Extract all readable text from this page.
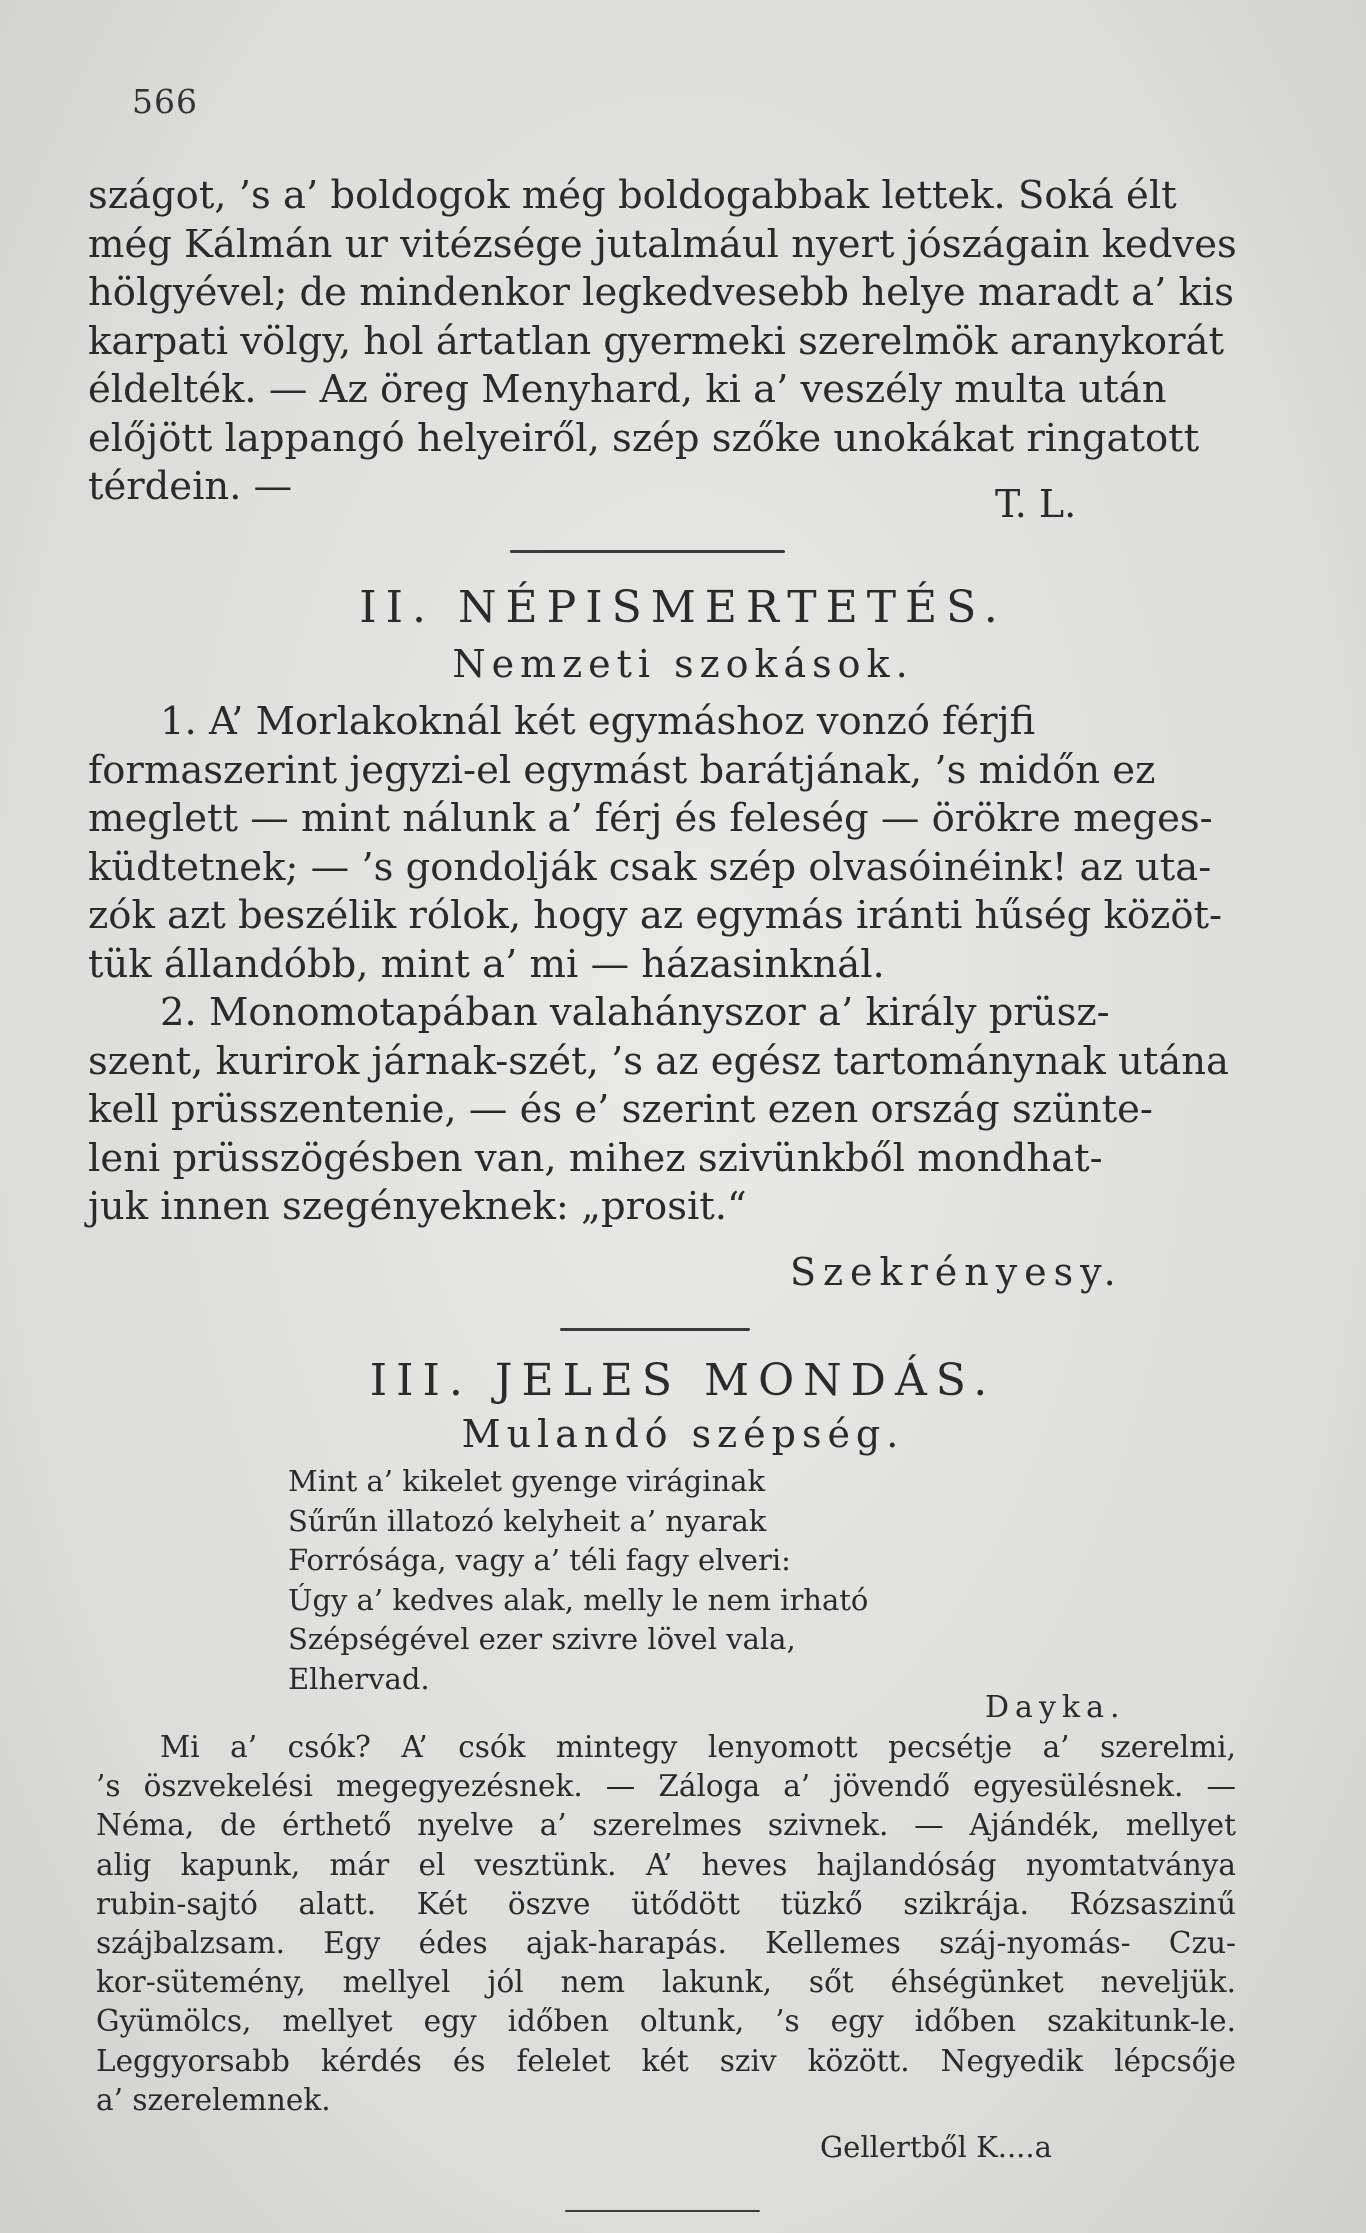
566
szágot, ’s a’ boldogok még boldogabbak lettek. Soká élt
még Kálmán ur vitézsége jutalmául nyert jószágain kedves
hölgyével; de mindenkor legkedvesebb helye maradt a’ kis
karpati völgy, hol ártatlan gyermeki szerelmök aranykorát
éldelték. — Az öreg Menyhard, ki a’ veszély multa után
előjött lappangó helyeiről, szép szőke unokákat ringatott
térdein. —	T. L.
II. NÉPISMERTETÉS.
Nemzeti szokások.
1. A’ Morlakoknál két egymáshoz vonzó férjfi
formaszerint jegyzi-el egymást barátjának, ’s midőn ez
meglett — mint nálunk a’ férj és feleség — örökre meges-
küdtetnek; — ’s gondolják csak szép olvasóinéink! az uta-
zók azt beszélik rólok, hogy az egymás iránti hűség közöt-
tük állandóbb, mint a’ mi — házasinknál.
2. Monomotapában valahányszor a’ király prüsz-
szent, kurirok járnak-szét, ’s az egész tartománynak utána
kell prüsszentenie, — és e’ szerint ezen ország szünte-
leni prüsszögésben van, mihez szivünkből mondhat-
juk innen szegényeknek: „prosit.“
Szekrényesy.
III. JELES MONDÁS.
Mulandó szépség.
Mint a’ kikelet gyenge viráginak
Sűrűn illatozó kelyheit a’ nyarak
Forrósága, vagy a’ téli fagy elveri:
Úgy a’ kedves alak, melly le nem irható
Szépségével ezer szivre lövel vala,
Elhervad.
Dayka.
Mi a’ csók? A’ csók mintegy lenyomott pecsétje a’ szerelmi,
’s öszvekelési megegyezésnek. — Záloga a’ jövendő egyesülésnek. —
Néma, de érthető nyelve a’ szerelmes szivnek. — Ajándék, mellyet
alig kapunk, már el vesztünk. A’ heves hajlandóság nyomtatványa
rubin-sajtó alatt. Két öszve ütődött tüzkő szikrája. Rózsaszinű
szájbalzsam. Egy édes ajak-harapás. Kellemes száj-nyomás- Czu-
kor-sütemény, mellyel jól nem lakunk, sőt éhségünket neveljük.
Gyümölcs, mellyet egy időben oltunk, ’s egy időben szakitunk-le.
Leggyorsabb kérdés és felelet két sziv között. Negyedik lépcsője
a’ szerelemnek.
Gellertből K....a
